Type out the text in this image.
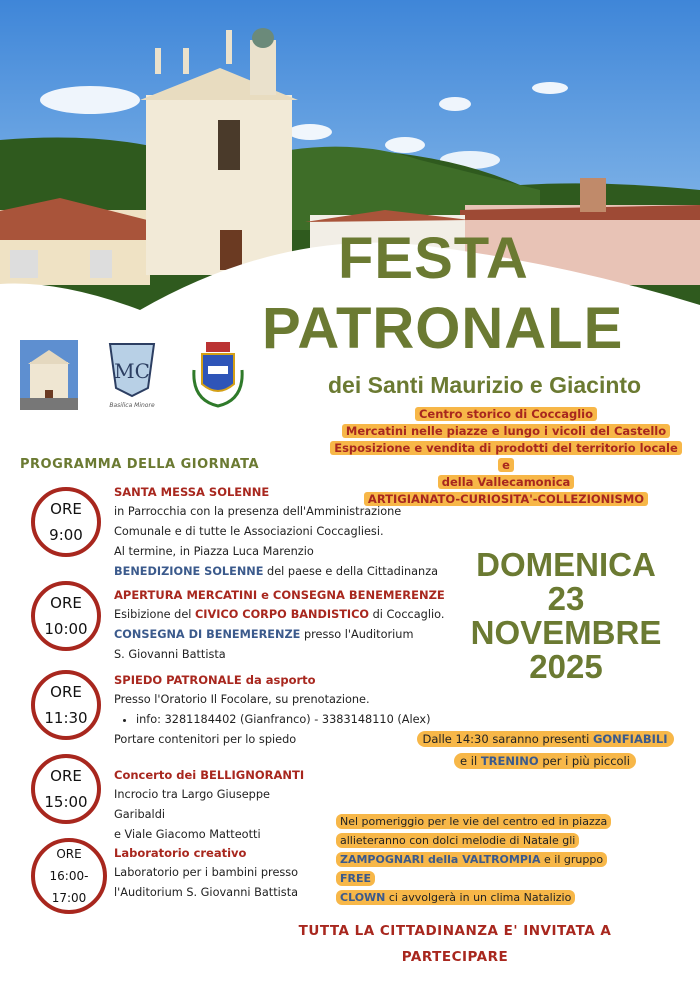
FESTA
PATRONALE
MC
Basilica Minore
dei Santi Maurizio e Giacinto
Centro storico di Coccaglio
Mercatini nelle piazze e lungo i vicoli del Castello
Esposizione e vendita di prodotti del territorio locale e
della Vallecamonica
ARTIGIANATO-CURIOSITA'-COLLEZIONISMO
PROGRAMMA DELLA GIORNATA
ORE
9:00
ORE
10:00
ORE
11:30
ORE
15:00
ORE
16:00-17:00
SANTA MESSA SOLENNE
in Parrocchia con la presenza dell'Amministrazione
Comunale e di tutte le Associazioni Coccagliesi.
Al termine, in Piazza Luca Marenzio
BENEDIZIONE SOLENNE del paese e della Cittadinanza
APERTURA MERCATINI e CONSEGNA BENEMERENZE
Esibizione del CIVICO CORPO BANDISTICO di Coccaglio.
CONSEGNA DI BENEMERENZE presso l'Auditorium
S. Giovanni Battista
SPIEDO PATRONALE da asporto
Presso l'Oratorio Il Focolare, su prenotazione.
• info: 3281184402 (Gianfranco) - 3383148110 (Alex)
Portare contenitori per lo spiedo
Concerto dei BELLIGNORANTI
Incrocio tra Largo Giuseppe Garibaldi
e Viale Giacomo Matteotti
Laboratorio creativo
Laboratorio per i bambini presso
l'Auditorium S. Giovanni Battista
DOMENICA
23
NOVEMBRE
2025
Dalle 14:30 saranno presenti GONFIABILI
e il TRENINO per i più piccoli
Nel pomeriggio per le vie del centro ed in piazza
allieteranno con dolci melodie di Natale gli
ZAMPOGNARI della VALTROMPIA e il gruppo FREE
CLOWN ci avvolgerà in un clima Natalizio
TUTTA LA CITTADINANZA E' INVITATA A
PARTECIPARE
